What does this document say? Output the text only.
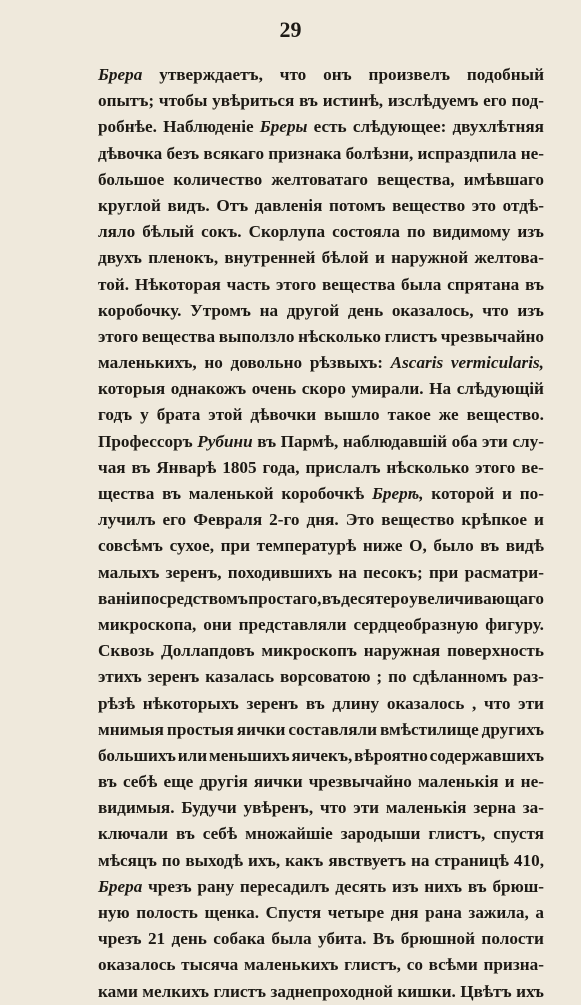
29
Брера утверждаетъ, что онъ произвелъ подобный
опытъ; чтобы увѣриться въ истинѣ, изслѣдуемъ его под-
робнѣе. Наблюденіе Бреры есть слѣдующее: двухлѣтняя
дѣвочка безъ всякаго признака болѣзни, испраздпила не-
большое количество желтоватаго вещества, имѣвшаго
круглой видъ. Отъ давленія потомъ вещество это отдѣ-
ляло бѣлый сокъ. Скорлупа состояла по видимому изъ
двухъ пленокъ, внутренней бѣлой и наружной желтова-
той. Нѣкоторая часть этого вещества была спрятана въ
коробочку. Утромъ на другой день оказалось, что изъ
этого вещества выползло нѣсколько глистъ чрезвычайно
маленькихъ, но довольно рѣзвыхъ: Ascaris vermicularis,
которыя однакожъ очень скоро умирали. На слѣдующій
годъ у брата этой дѣвочки вышло такое же вещество.
Профессоръ Рубини въ Пармѣ, наблюдавшій оба эти слу-
чая въ Январѣ 1805 года, прислалъ нѣсколько этого ве-
щества въ маленькой коробочкѣ Брерѣ, которой и по-
лучилъ его Февраля 2-го дня. Это вещество крѣпкое и
совсѣмъ сухое, при температурѣ ниже О, было въ видѣ
малыхъ зеренъ, походившихъ на песокъ; при расматри-
ваніи посредствомъ простаго, въ десятеро увеличивающаго
микроскопа, они представляли сердцеобразную фигуру.
Сквозь Доллапдовъ микроскопъ наружная поверхность
этихъ зеренъ казалась ворсоватою ; по сдѣланномъ раз-
рѣзѣ нѣкоторыхъ зеренъ въ длину оказалось , что эти
мнимыя простыя яички составляли вмѣстилище другихъ
большихъ или меньшихъ яичекъ, вѣроятно содержавшихъ
въ себѣ еще другія яички чрезвычайно маленькія и не-
видимыя. Будучи увѣренъ, что эти маленькія зерна за-
ключали въ себѣ множайшіе зародыши глистъ, спустя
мѣсяцъ по выходѣ ихъ, какъ явствуетъ на страницѣ 410,
Брера чрезъ рану пересадилъ десять изъ нихъ въ брюш-
ную полость щенка. Спустя четыре дня рана зажила, а
чрезъ 21 день собака была убита. Въ брюшной полости
оказалось тысяча маленькихъ глистъ, со всѣми призна-
ками мелкихъ глистъ заднепроходной кишки. Цвѣтъ ихъ
